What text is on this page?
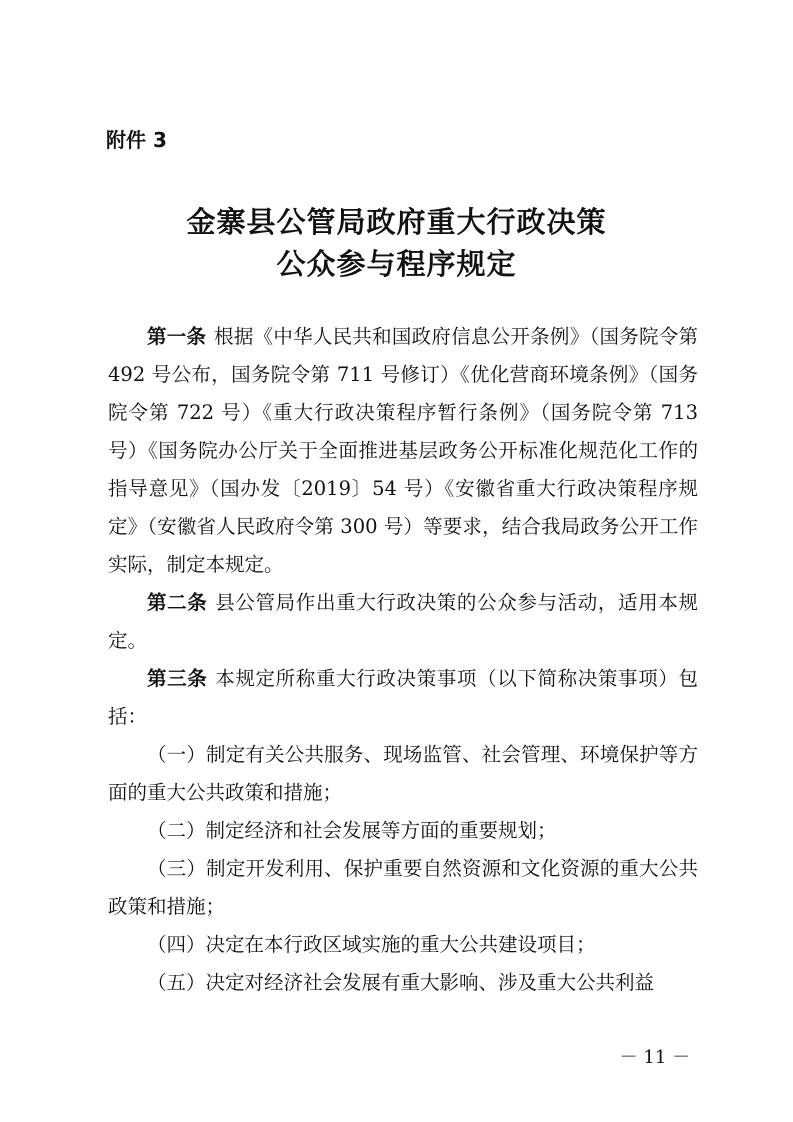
附件 3
金寨县公管局政府重大行政决策
公众参与程序规定

第一条 根据《中华人民共和国政府信息公开条例》（国务院令第 492 号公布，国务院令第 711 号修订）《优化营商环境条例》（国务院令第 722 号）《重大行政决策程序暂行条例》（国务院令第 713 号）《国务院办公厅关于全面推进基层政务公开标准化规范化工作的指导意见》（国办发〔2019〕54 号）《安徽省重大行政决策程序规定》（安徽省人民政府令第 300 号）等要求，结合我局政务公开工作实际，制定本规定。

第二条 县公管局作出重大行政决策的公众参与活动，适用本规定。

第三条 本规定所称重大行政决策事项（以下简称决策事项）包括：

（一）制定有关公共服务、现场监管、社会管理、环境保护等方面的重大公共政策和措施；

（二）制定经济和社会发展等方面的重要规划；

（三）制定开发利用、保护重要自然资源和文化资源的重大公共政策和措施；

（四）决定在本行政区域实施的重大公共建设项目；

（五）决定对经济社会发展有重大影响、涉及重大公共利益

－ 11 －
